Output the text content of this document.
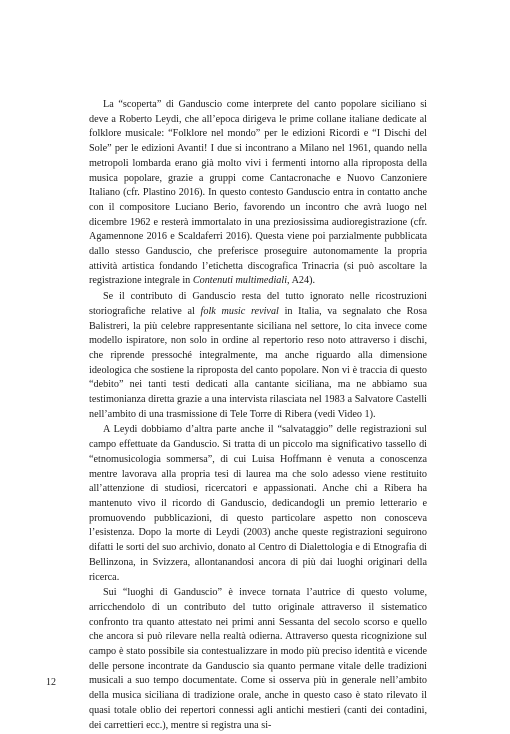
La “scoperta” di Ganduscio come interprete del canto popolare siciliano si deve a Roberto Leydi, che all’epoca dirigeva le prime collane italiane dedicate al folklore musicale: “Folklore nel mondo” per le edizioni Ricordi e “I Dischi del Sole” per le edizioni Avanti! I due si incontrano a Milano nel 1961, quando nella metropoli lombarda erano già molto vivi i fermenti intorno alla riproposta della musica popolare, grazie a gruppi come Cantacronache e Nuovo Canzoniere Italiano (cfr. Plastino 2016). In questo contesto Ganduscio entra in contatto anche con il compositore Luciano Berio, favorendo un incontro che avrà luogo nel dicembre 1962 e resterà immortalato in una preziosissima audioregistrazione (cfr. Agamennone 2016 e Scaldaferri 2016). Questa viene poi parzialmente pubblicata dallo stesso Ganduscio, che preferisce proseguire autonomamente la propria attività artistica fondando l’etichetta discografica Trinacria (si può ascoltare la registrazione integrale in Contenuti multimediali, A24).

Se il contributo di Ganduscio resta del tutto ignorato nelle ricostruzioni storiografiche relative al folk music revival in Italia, va segnalato che Rosa Balistreri, la più celebre rappresentante siciliana nel settore, lo cita invece come modello ispiratore, non solo in ordine al repertorio reso noto attraverso i dischi, che riprende pressoché integralmente, ma anche riguardo alla dimensione ideologica che sostiene la riproposta del canto popolare. Non vi è traccia di questo “debito” nei tanti testi dedicati alla cantante siciliana, ma ne abbiamo sua testimonianza diretta grazie a una intervista rilasciata nel 1983 a Salvatore Castelli nell’ambito di una trasmissione di Tele Torre di Ribera (vedi Video 1).

A Leydi dobbiamo d’altra parte anche il “salvataggio” delle registrazioni sul campo effettuate da Ganduscio. Si tratta di un piccolo ma significativo tassello di “etnomusicologia sommersa”, di cui Luisa Hoffmann è venuta a conoscenza mentre lavorava alla propria tesi di laurea ma che solo adesso viene restituito all’attenzione di studiosi, ricercatori e appassionati. Anche chi a Ribera ha mantenuto vivo il ricordo di Ganduscio, dedicandogli un premio letterario e promuovendo pubblicazioni, di questo particolare aspetto non conosceva l’esistenza. Dopo la morte di Leydi (2003) anche queste registrazioni seguirono difatti le sorti del suo archivio, donato al Centro di Dialettologia e di Etnografia di Bellinzona, in Svizzera, allontanandosi ancora di più dai luoghi originari della ricerca.

Sui “luoghi di Ganduscio” è invece tornata l’autrice di questo volume, arricchendolo di un contributo del tutto originale attraverso il sistematico confronto tra quanto attestato nei primi anni Sessanta del secolo scorso e quello che ancora si può rilevare nella realtà odierna. Attraverso questa ricognizione sul campo è stato possibile sia contestualizzare in modo più preciso identità e vicende delle persone incontrate da Ganduscio sia quanto permane vitale delle tradizioni musicali a suo tempo documentate. Come si osserva più in generale nell’ambito della musica siciliana di tradizione orale, anche in questo caso è stato rilevato il quasi totale oblio dei repertori connessi agli antichi mestieri (canti dei contadini, dei carrettieri ecc.), mentre si registra una si-

12
